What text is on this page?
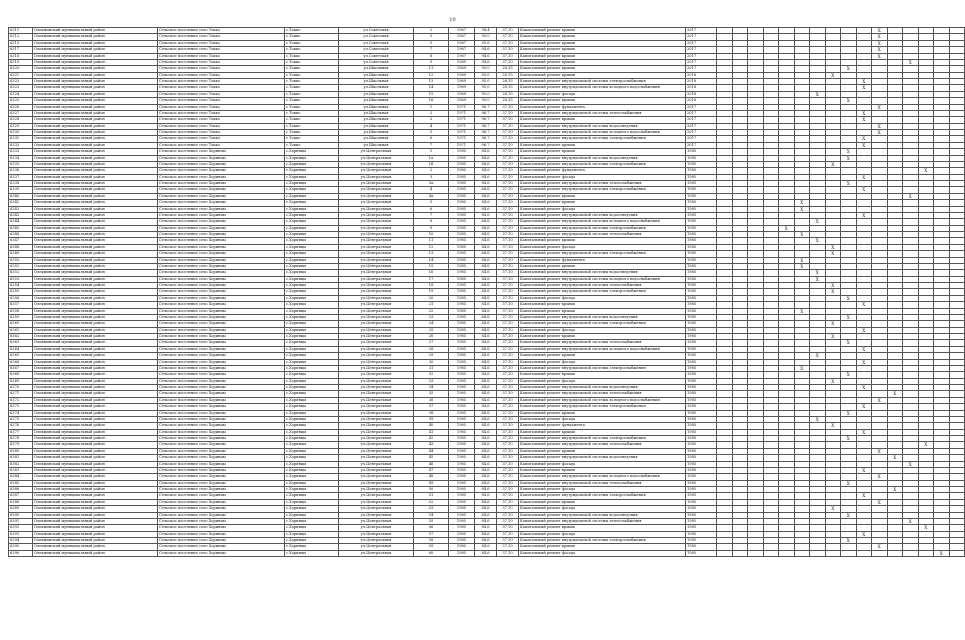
10
6311	Олекминский муниципальный район	Сельское поселение село Токко	с.Токко	ул.Советская	2	1967	94,4	37,10	Капитальный ремонт крыши	2017											X					
6312	Олекминский муниципальный район	Сельское поселение село Токко	с.Токко	ул.Советская	3	1967	95,0	37,10	Капитальный ремонт крыши	2017											X					
6313	Олекминский муниципальный район	Сельское поселение село Токко	с.Токко	ул.Советская	5	1967	95,6	37,10	Капитальный ремонт крыши	2017											X					
6317	Олекминский муниципальный район	Сельское поселение село Токко	с.Токко	ул.Советская	7	1967	94,6	37,10	Капитальный ремонт крыши	2017											X					
6318	Олекминский муниципальный район	Сельское поселение село Токко	с.Токко	ул.Советская	8	1967	94,6	37,10	Капитальный ремонт крыши	2017											X					
6319	Олекминский муниципальный район	Сельское поселение село Токко	с.Токко	ул.Советская	9	1969	94,6	37,10	Капитальный ремонт крыши	2017													X			
6320	Олекминский муниципальный район	Сельское поселение село Токко	с.Токко	ул.Школьная	11	1969	95,0	28,15	Капитальный ремонт крыши	2017									X							
6321	Олекминский муниципальный район	Сельское поселение село Токко	с.Токко	ул.Школьная	12	1969	95,0	28,15	Капитальный ремонт крыши	2018								X								
6322	Олекминский муниципальный район	Сельское поселение село Токко	с.Токко	ул.Школьная	13	1969	95,0	28,15	Капитальный ремонт внутридомовой системы электроснабжения	2018										X						
6323	Олекминский муниципальный район	Сельское поселение село Токко	с.Токко	ул.Школьная	14	1969	95,0	28,15	Капитальный ремонт внутридомовой системы холодного водоснабжения	2018										X						
6324	Олекминский муниципальный район	Сельское поселение село Токко	с.Токко	ул.Школьная	15	1969	95,0	28,15	Капитальный ремонт фасада	2018							X									
6325	Олекминский муниципальный район	Сельское поселение село Токко	с.Токко	ул.Школьная	16	1969	95,0	28,15	Капитальный ремонт крыши	2018									X							
6326	Олекминский муниципальный район	Сельское поселение село Токко	с.Токко	ул.Школьная	1	1971	96,7	37,10	Капитальный ремонт фундамента	2017											X					
6327	Олекминский муниципальный район	Сельское поселение село Токко	с.Токко	ул.Школьная	2	1971	96,7	37,10	Капитальный ремонт внутридомовой системы теплоснабжения	2017										X						
6328	Олекминский муниципальный район	Сельское поселение село Токко	с.Токко	ул.Школьная	3	1971	96,7	37,10	Капитальный ремонт крыши	2017										X						
6329	Олекминский муниципальный район	Сельское поселение село Токко	с.Токко	ул.Школьная	4	1971	96,7	37,10	Капитальный ремонт внутридомовой системы водоотведения	2017											X					
6330	Олекминский муниципальный район	Сельское поселение село Токко	с.Токко	ул.Школьная	5	1971	96,7	37,10	Капитальный ремонт внутридомовой системы холодного водоснабжения	2017											X					
6331	Олекминский муниципальный район	Сельское поселение село Токко	с.Токко	ул.Школьная	6	1971	96,7	37,10	Капитальный ремонт внутридомовой системы электроснабжения	2017										X						
6332	Олекминский муниципальный район	Сельское поселение село Токко	с.Токко	ул.Школьная	7	1971	96,7	37,10	Капитальный ремонт крыши	2017										X						
6333	Олекминский муниципальный район	Сельское поселение село Хоринцы	с.Хоринцы	ул.Центральная	1	1985	84,6	37,10	Капитальный ремонт крыши	1985									X							
6334	Олекминский муниципальный район	Сельское поселение село Хоринцы	с.Хоринцы	ул.Центральная	1а	1985	84,6	37,10	Капитальный ремонт внутридомовой системы водоотведения	1985									X							
6335	Олекминский муниципальный район	Сельское поселение село Хоринцы	с.Хоринцы	ул.Центральная	1б	1985	84,6	37,10	Капитальный ремонт внутридомовой системы электроснабжения	1985								X								
6336	Олекминский муниципальный район	Сельское поселение село Хоринцы	с.Хоринцы	ул.Центральная	2	1985	84,6	37,10	Капитальный ремонт фундамента	1985														X		
6337	Олекминский муниципальный район	Сельское поселение село Хоринцы	с.Хоринцы	ул.Центральная	3	1985	84,6	37,10	Капитальный ремонт фасада	1985										X						
6338	Олекминский муниципальный район	Сельское поселение село Хоринцы	с.Хоринцы	ул.Центральная	3а	1985	84,6	37,10	Капитальный ремонт внутридомовой системы теплоснабжения	1985									X							
6339	Олекминский муниципальный район	Сельское поселение село Хоринцы	с.Хоринцы	ул.Центральная	4	1985	84,6	37,10	Капитальный ремонт внутридомовой системы электроснабжения	1985										X						
6340	Олекминский муниципальный район	Сельское поселение село Хоринцы	с.Хоринцы	ул.Центральная	4а	1985	84,6	37,10	Капитальный ремонт крыши	1985													X			
6341	Олекминский муниципальный район	Сельское поселение село Хоринцы	с.Хоринцы	ул.Центральная	5	1985	84,6	37,10	Капитальный ремонт крыши	1985						X										
6342	Олекминский муниципальный район	Сельское поселение село Хоринцы	с.Хоринцы	ул.Центральная	6	1985	84,6	37,10	Капитальный ремонт фасада	1985						X										
6343	Олекминский муниципальный район	Сельское поселение село Хоринцы	с.Хоринцы	ул.Центральная	7	1985	84,6	37,10	Капитальный ремонт внутридомовой системы водоотведения	1985										X						
6344	Олекминский муниципальный район	Сельское поселение село Хоринцы	с.Хоринцы	ул.Центральная	8	1985	84,6	37,10	Капитальный ремонт внутридомовой системы холодного водоснабжения	1985							X									
6345	Олекминский муниципальный район	Сельское поселение село Хоринцы	с.Хоринцы	ул.Центральная	9	1985	84,6	37,10	Капитальный ремонт внутридомовой системы электроснабжения	1985					X											
6346	Олекминский муниципальный район	Сельское поселение село Хоринцы	с.Хоринцы	ул.Центральная	10	1985	84,6	37,10	Капитальный ремонт внутридомовой системы теплоснабжения	1985						X										
6347	Олекминский муниципальный район	Сельское поселение село Хоринцы	с.Хоринцы	ул.Центральная	11	1985	84,6	37,10	Капитальный ремонт крыши	1985							X									
6348	Олекминский муниципальный район	Сельское поселение село Хоринцы	с.Хоринцы	ул.Центральная	12	1985	84,6	37,10	Капитальный ремонт фасада	1985								X								
6349	Олекминский муниципальный район	Сельское поселение село Хоринцы	с.Хоринцы	ул.Центральная	13	1985	84,6	37,10	Капитальный ремонт внутридомовой системы электроснабжения	1985								X								
6350	Олекминский муниципальный район	Сельское поселение село Хоринцы	с.Хоринцы	ул.Центральная	14	1985	84,6	37,10	Капитальный ремонт фундамента	1985						X										
6351	Олекминский муниципальный район	Сельское поселение село Хоринцы	с.Хоринцы	ул.Центральная	15	1985	84,6	37,10	Капитальный ремонт крыши	1985						X										
6352	Олекминский муниципальный район	Сельское поселение село Хоринцы	с.Хоринцы	ул.Центральная	16	1985	84,6	37,10	Капитальный ремонт внутридомовой системы водоотведения	1985							X									
6353	Олекминский муниципальный район	Сельское поселение село Хоринцы	с.Хоринцы	ул.Центральная	17	1985	84,6	37,10	Капитальный ремонт внутридомовой системы холодного водоснабжения	1985							X									
6354	Олекминский муниципальный район	Сельское поселение село Хоринцы	с.Хоринцы	ул.Центральная	18	1985	84,6	37,10	Капитальный ремонт внутридомовой системы теплоснабжения	1985								X								
6355	Олекминский муниципальный район	Сельское поселение село Хоринцы	с.Хоринцы	ул.Центральная	19	1985	84,6	37,10	Капитальный ремонт внутридомовой системы электроснабжения	1985								X								
6356	Олекминский муниципальный район	Сельское поселение село Хоринцы	с.Хоринцы	ул.Центральная	20	1985	84,6	37,10	Капитальный ремонт фасада	1985									X							
6357	Олекминский муниципальный район	Сельское поселение село Хоринцы	с.Хоринцы	ул.Центральная	21	1985	84,6	37,10	Капитальный ремонт крыши	1985										X						
6358	Олекминский муниципальный район	Сельское поселение село Хоринцы	с.Хоринцы	ул.Центральная	22	1985	84,6	37,10	Капитальный ремонт крыши	1985						X										
6359	Олекминский муниципальный район	Сельское поселение село Хоринцы	с.Хоринцы	ул.Центральная	23	1985	84,6	37,10	Капитальный ремонт внутридомовой системы водоотведения	1985									X							
6360	Олекминский муниципальный район	Сельское поселение село Хоринцы	с.Хоринцы	ул.Центральная	24	1985	84,6	37,10	Капитальный ремонт внутридомовой системы электроснабжения	1985								X								
6361	Олекминский муниципальный район	Сельское поселение село Хоринцы	с.Хоринцы	ул.Центральная	25	1985	84,6	37,10	Капитальный ремонт фасада	1985										X						
6362	Олекминский муниципальный район	Сельское поселение село Хоринцы	с.Хоринцы	ул.Центральная	26	1985	84,6	37,10	Капитальный ремонт крыши	1985								X								
6363	Олекминский муниципальный район	Сельское поселение село Хоринцы	с.Хоринцы	ул.Центральная	27	1985	84,6	37,10	Капитальный ремонт внутридомовой системы теплоснабжения	1985									X							
6364	Олекминский муниципальный район	Сельское поселение село Хоринцы	с.Хоринцы	ул.Центральная	28	1985	84,6	37,10	Капитальный ремонт внутридомовой системы холодного водоснабжения	1985										X						
6365	Олекминский муниципальный район	Сельское поселение село Хоринцы	с.Хоринцы	ул.Центральная	29	1985	84,6	37,10	Капитальный ремонт крыши	1985							X									
6366	Олекминский муниципальный район	Сельское поселение село Хоринцы	с.Хоринцы	ул.Центральная	30	1985	84,6	37,10	Капитальный ремонт фасада	1985										X						
6367	Олекминский муниципальный район	Сельское поселение село Хоринцы	с.Хоринцы	ул.Центральная	31	1985	84,6	37,10	Капитальный ремонт внутридомовой системы электроснабжения	1985						X										
6368	Олекминский муниципальный район	Сельское поселение село Хоринцы	с.Хоринцы	ул.Центральная	32	1985	84,6	37,10	Капитальный ремонт крыши	1985									X							
6369	Олекминский муниципальный район	Сельское поселение село Хоринцы	с.Хоринцы	ул.Центральная	33	1985	84,6	37,10	Капитальный ремонт фасада	1985								X								
6370	Олекминский муниципальный район	Сельское поселение село Хоринцы	с.Хоринцы	ул.Центральная	34	1985	84,6	37,10	Капитальный ремонт внутридомовой системы водоотведения	1985										X						
6371	Олекминский муниципальный район	Сельское поселение село Хоринцы	с.Хоринцы	ул.Центральная	35	1985	84,6	37,10	Капитальный ремонт внутридомовой системы теплоснабжения	1985												X				
6372	Олекминский муниципальный район	Сельское поселение село Хоринцы	с.Хоринцы	ул.Центральная	36	1985	84,6	37,10	Капитальный ремонт внутридомовой системы холодного водоснабжения	1985											X					
6373	Олекминский муниципальный район	Сельское поселение село Хоринцы	с.Хоринцы	ул.Центральная	37	1985	84,6	37,10	Капитальный ремонт внутридомовой системы электроснабжения	1985										X						
6374	Олекминский муниципальный район	Сельское поселение село Хоринцы	с.Хоринцы	ул.Центральная	38	1985	84,6	37,10	Капитальный ремонт крыши	1985									X							
6375	Олекминский муниципальный район	Сельское поселение село Хоринцы	с.Хоринцы	ул.Центральная	39	1985	84,6	37,10	Капитальный ремонт фасада	1985							X									
6376	Олекминский муниципальный район	Сельское поселение село Хоринцы	с.Хоринцы	ул.Центральная	40	1985	84,6	37,10	Капитальный ремонт фундамента	1985								X								
6377	Олекминский муниципальный район	Сельское поселение село Хоринцы	с.Хоринцы	ул.Центральная	41	1985	84,6	37,10	Капитальный ремонт крыши	1985										X						
6378	Олекминский муниципальный район	Сельское поселение село Хоринцы	с.Хоринцы	ул.Центральная	42	1985	84,6	37,10	Капитальный ремонт внутридомовой системы электроснабжения	1985									X							
6379	Олекминский муниципальный район	Сельское поселение село Хоринцы	с.Хоринцы	ул.Центральная	43	1985	84,6	37,10	Капитальный ремонт внутридомовой системы теплоснабжения	1985														X		
6380	Олекминский муниципальный район	Сельское поселение село Хоринцы	с.Хоринцы	ул.Центральная	44	1985	84,6	37,10	Капитальный ремонт крыши	1985											X					
6381	Олекминский муниципальный район	Сельское поселение село Хоринцы	с.Хоринцы	ул.Центральная	45	1985	84,6	37,10	Капитальный ремонт внутридомовой системы водоотведения	1985												X				
6382	Олекминский муниципальный район	Сельское поселение село Хоринцы	с.Хоринцы	ул.Центральная	46	1985	84,6	37,10	Капитальный ремонт фасада	1985													X			
6383	Олекминский муниципальный район	Сельское поселение село Хоринцы	с.Хоринцы	ул.Центральная	47	1985	84,6	37,10	Капитальный ремонт крыши	1985										X						
6384	Олекминский муниципальный район	Сельское поселение село Хоринцы	с.Хоринцы	ул.Центральная	48	1985	84,6	37,10	Капитальный ремонт внутридомовой системы холодного водоснабжения	1985											X					
6385	Олекминский муниципальный район	Сельское поселение село Хоринцы	с.Хоринцы	ул.Центральная	49	1985	84,6	37,10	Капитальный ремонт внутридомовой системы теплоснабжения	1985									X							
6386	Олекминский муниципальный район	Сельское поселение село Хоринцы	с.Хоринцы	ул.Центральная	50	1985	84,6	37,10	Капитальный ремонт фасада	1985												X				
6387	Олекминский муниципальный район	Сельское поселение село Хоринцы	с.Хоринцы	ул.Центральная	51	1985	84,6	37,10	Капитальный ремонт внутридомовой системы электроснабжения	1985										X						
6388	Олекминский муниципальный район	Сельское поселение село Хоринцы	с.Хоринцы	ул.Центральная	52	1985	84,6	37,10	Капитальный ремонт крыши	1985											X					
6389	Олекминский муниципальный район	Сельское поселение село Хоринцы	с.Хоринцы	ул.Центральная	53	1985	84,6	37,10	Капитальный ремонт фасада	1985								X								
6390	Олекминский муниципальный район	Сельское поселение село Хоринцы	с.Хоринцы	ул.Центральная	54	1985	84,6	37,10	Капитальный ремонт внутридомовой системы водоотведения	1985									X							
6391	Олекминский муниципальный район	Сельское поселение село Хоринцы	с.Хоринцы	ул.Центральная	55	1985	84,6	37,10	Капитальный ремонт внутридомовой системы теплоснабжения	1985													X			
6392	Олекминский муниципальный район	Сельское поселение село Хоринцы	с.Хоринцы	ул.Центральная	56	1985	84,6	37,10	Капитальный ремонт крыши	1985														X		
6393	Олекминский муниципальный район	Сельское поселение село Хоринцы	с.Хоринцы	ул.Центральная	57	1985	84,6	37,10	Капитальный ремонт фасада	1985										X						
6394	Олекминский муниципальный район	Сельское поселение село Хоринцы	с.Хоринцы	ул.Центральная	58	1985	84,6	37,10	Капитальный ремонт внутридомовой системы электроснабжения	1985									X							
6395	Олекминский муниципальный район	Сельское поселение село Хоринцы	с.Хоринцы	ул.Центральная	59	1985	84,6	37,10	Капитальный ремонт крыши	1985											X					
6396	Олекминский муниципальный район	Сельское поселение село Хоринцы	с.Хоринцы	ул.Центральная	60	1985	84,6	37,10	Капитальный ремонт фасада	1985															X	
